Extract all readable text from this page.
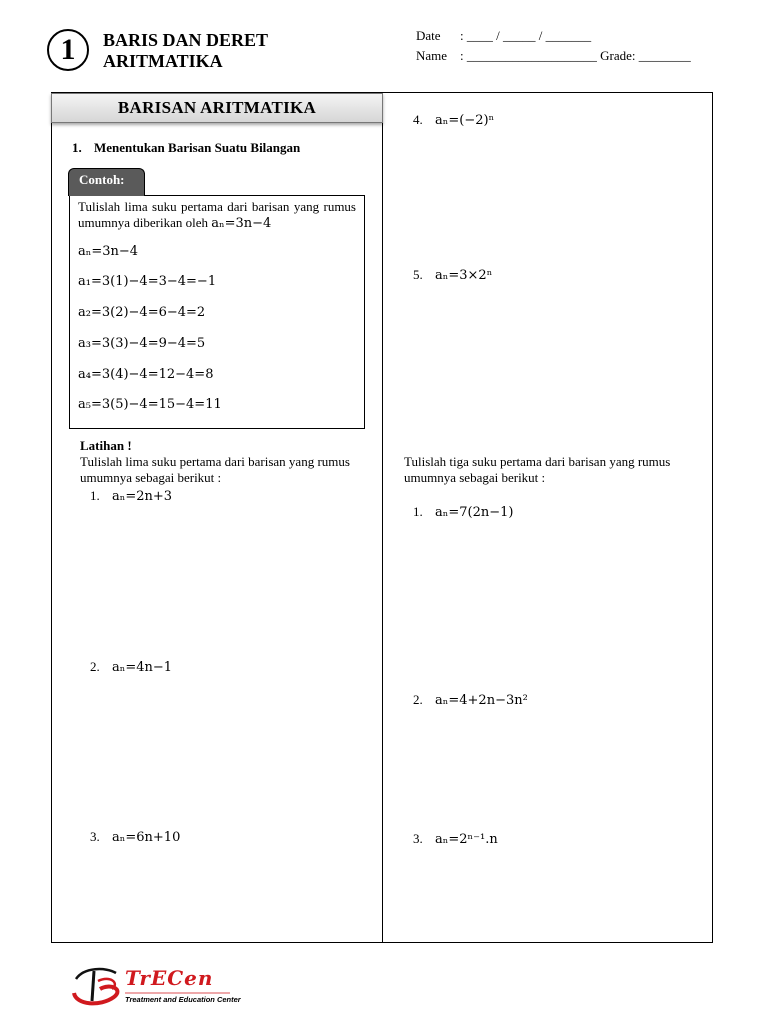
1 BARIS DAN DERET
ARITMATIKA
Date : ____ / _____ / _______
Name : ____________________ Grade: ________
BARISAN ARITMATIKA
1. Menentukan Barisan Suatu Bilangan
Contoh:
Tulislah lima suku pertama dari barisan yang rumus umumnya diberikan oleh aₙ=3n−4
aₙ=3n−4
a₁=3(1)−4=3−4=−1
a₂=3(2)−4=6−4=2
a₃=3(3)−4=9−4=5
a₄=3(4)−4=12−4=8
a₅=3(5)−4=15−4=11
Latihan !
Tulislah lima suku pertama dari barisan yang rumus umumnya sebagai berikut :
1. aₙ=2n+3
2. aₙ=4n−1
3. aₙ=6n+10
4. aₙ=(−2)ⁿ
5. aₙ=3×2ⁿ
Tulislah tiga suku pertama dari barisan yang rumus umumnya sebagai berikut :
1. aₙ=7(2n−1)
2. aₙ=4+2n−3n²
3. aₙ=2ⁿ⁻¹.n
TrECen
Treatment and Education Center
